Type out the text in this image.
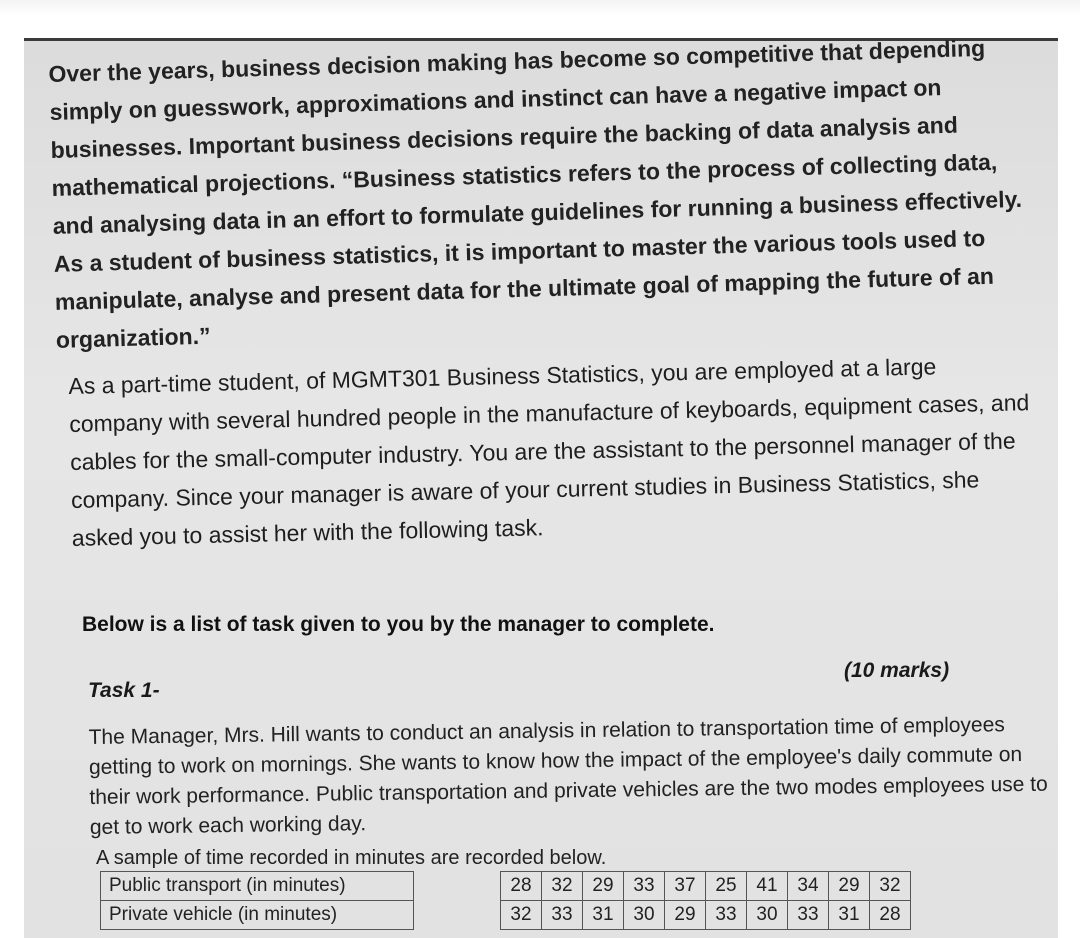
Over the years, business decision making has become so competitive that depending simply on guesswork, approximations and instinct can have a negative impact on businesses. Important business decisions require the backing of data analysis and mathematical projections. “Business statistics refers to the process of collecting data, and analysing data in an effort to formulate guidelines for running a business effectively. As a student of business statistics, it is important to master the various tools used to manipulate, analyse and present data for the ultimate goal of mapping the future of an organization.”
As a part-time student, of MGMT301 Business Statistics, you are employed at a large company with several hundred people in the manufacture of keyboards, equipment cases, and cables for the small-computer industry. You are the assistant to the personnel manager of the company. Since your manager is aware of your current studies in Business Statistics, she asked you to assist her with the following task.
Below is a list of task given to you by the manager to complete.
(10 marks)
Task 1-
The Manager, Mrs. Hill wants to conduct an analysis in relation to transportation time of employees getting to work on mornings. She wants to know how the impact of the employee's daily commute on their work performance. Public transportation and private vehicles are the two modes employees use to get to work each working day.
A sample of time recorded in minutes are recorded below.
Public transport (in minutes)		28	32	29	33	37	25	41	34	29	32
Private vehicle (in minutes)		32	33	31	30	29	33	30	33	31	28
